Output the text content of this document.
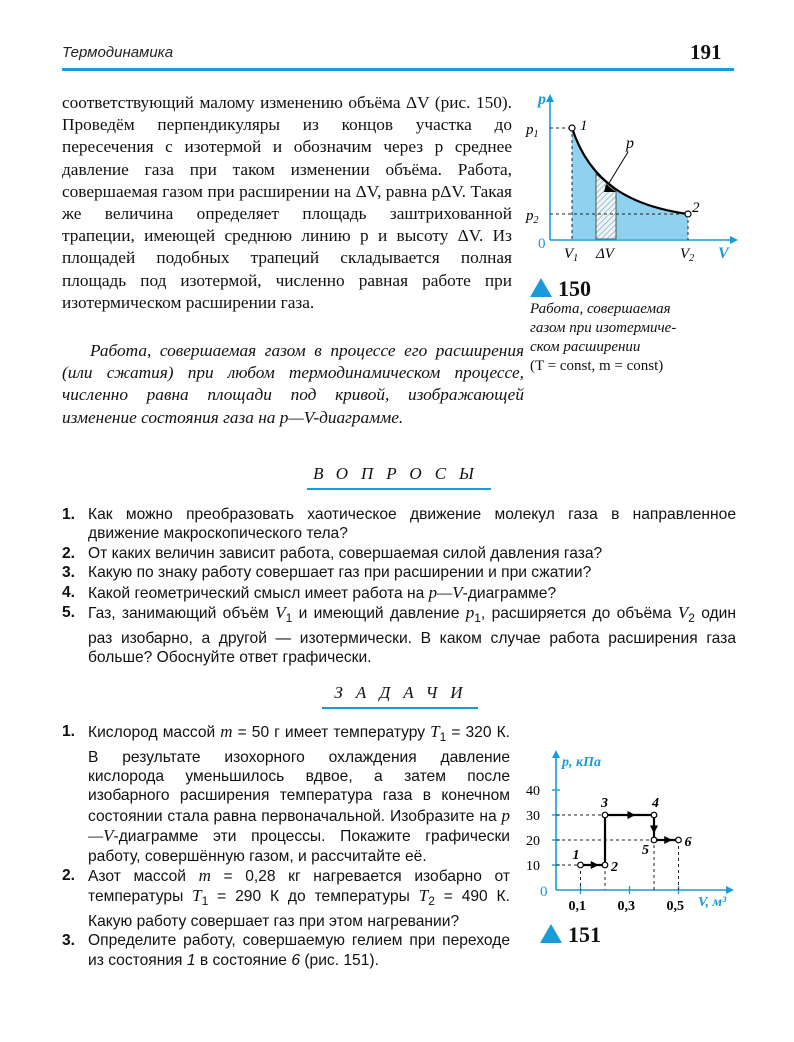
Термодинамика	191

соответствующий малому изменению объёма ΔV (рис. 150). Проведём перпендикуляры из концов участка до пересечения с изотермой и обозначим через p среднее давление газа при таком изменении объёма. Работа, совершаемая газом при расширении на ΔV, равна pΔV. Такая же величина определяет площадь заштрихованной трапеции, имеющей среднюю линию p и высоту ΔV. Из площадей подобных трапеций складывается полная площадь под изотермой, численно равная работе при изотермическом расширении газа.

p
V
0
$p_1$
$p_2$
$V_1$ ΔV	$V_2$
1
2
p
150
Работа, совершаемая
газом при изотермиче-
ском расширении
(T = const, m = const)

Работа, совершаемая газом в процессе его расширения (или сжатия) при любом термодинамическом процессе, численно равна площади под кривой, изображающей изменение состояния газа на p—V-диаграмме.

ВОПРОСЫ
1. Как можно преобразовать хаотическое движение молекул газа в направленное движение макроскопического тела?
2. От каких величин зависит работа, совершаемая силой давления газа?
3. Какую по знаку работу совершает газ при расширении и при сжатии?
4. Какой геометрический смысл имеет работа на p—V-диаграмме?
5. Газ, занимающий объём $V_1$ и имеющий давление $p_1$, расширяется до объёма $V_2$ один раз изобарно, а другой — изотермически. В каком случае работа расширения газа больше? Обоснуйте ответ графически.
ЗАДАЧИ
1. Кислород массой m = 50 г имеет температуру $T_1 = 320$ К. В результате изохорного охлаждения давление кислорода уменьшилось вдвое, а затем после изобарного расширения температура газа в конечном состоянии стала равна первоначальной. Изобразите на p—V-диаграмме эти процессы. Покажите графически работу, совершённую газом, и рассчитайте её.
2. Азот массой m = 0,28 кг нагревается изобарно от температуры $T_1 = 290$ К до температуры $T_2 = 490$ К. Какую работу совершает газ при этом нагревании?
3. Определите работу, совершаемую гелием при переходе из состояния 1 в состояние 6 (рис. 151).
p, кПа
V, м³
0
10
20
30
40
0,1 0,3 0,5
1
2
3	4
5
6
151
